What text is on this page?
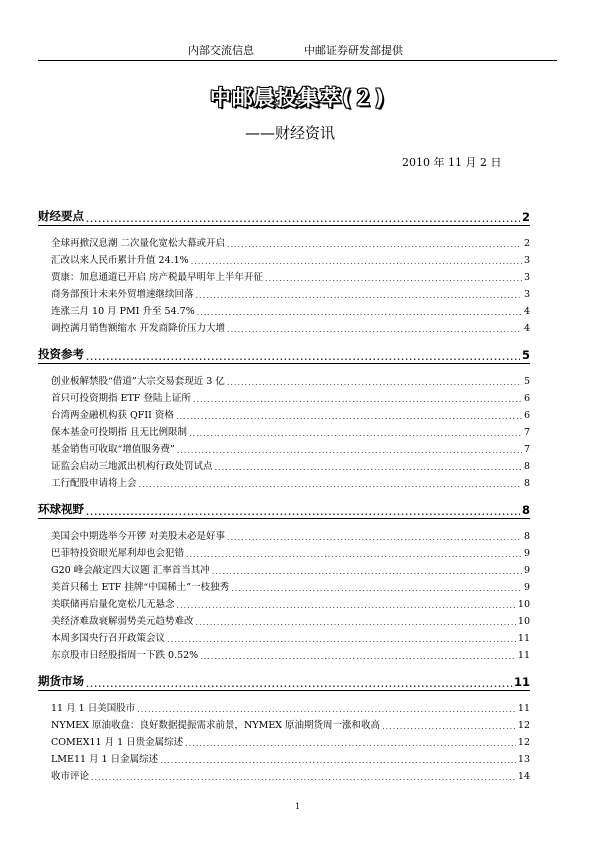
内部交流信息	中邮证券研发部提供
中邮晨投集萃(２)
——财经资讯
2010 年 11 月 2 日
财经要点 .....	2
全球再掀汉息潮 二次量化宽松大幕或开启 .....	2
汇改以来人民币累计升值 24.1% .....	3
贾康：加息通道已开启 房产税最早明年上半年开征 .....	3
商务部预计未来外贸增速继续回落 .....	3
连涨三月 10 月 PMI 升至 54.7% .....	4
调控满月销售额缩水 开发商降价压力大增 .....	4
投资参考 .....	5
创业板解禁股“借道”大宗交易套现近 3 亿 .....	5
首只可投资期指 ETF 登陆上证所 .....	6
台湾两金融机构获 QFII 资格 .....	6
保本基金可投期指 且无比例限制 .....	7
基金销售可收取“增值服务费” .....	7
证监会启动三地派出机构行政处罚试点 .....	8
工行配股申请将上会 .....	8
环球视野 .....	8
美国会中期选举今开锣 对美股未必是好事 .....	8
巴菲特投资眼光犀利却也会犯错 .....	9
G20 峰会敲定四大议题 汇率首当其冲 .....	9
美首只稀土 ETF 挂牌“中国稀土”一枝独秀 .....	9
美联储再启量化宽松几无悬念 .....	10
美经济难敌衰解弱势美元趋势难改 .....	10
本周多国央行召开政策会议 .....	11
东京股市日经股指周一下跌 0.52% .....	11
期货市场 .....	11
11 月 1 日美国股市 .....	11
NYMEX 原油收盘：良好数据提振需求前景，NYMEX 原油期货周一涨和收高 .....	12
COMEX11 月 1 日贵金属综述 .....	12
LME11 月 1 日金属综述 .....	13
收市评论 .....	14
1
